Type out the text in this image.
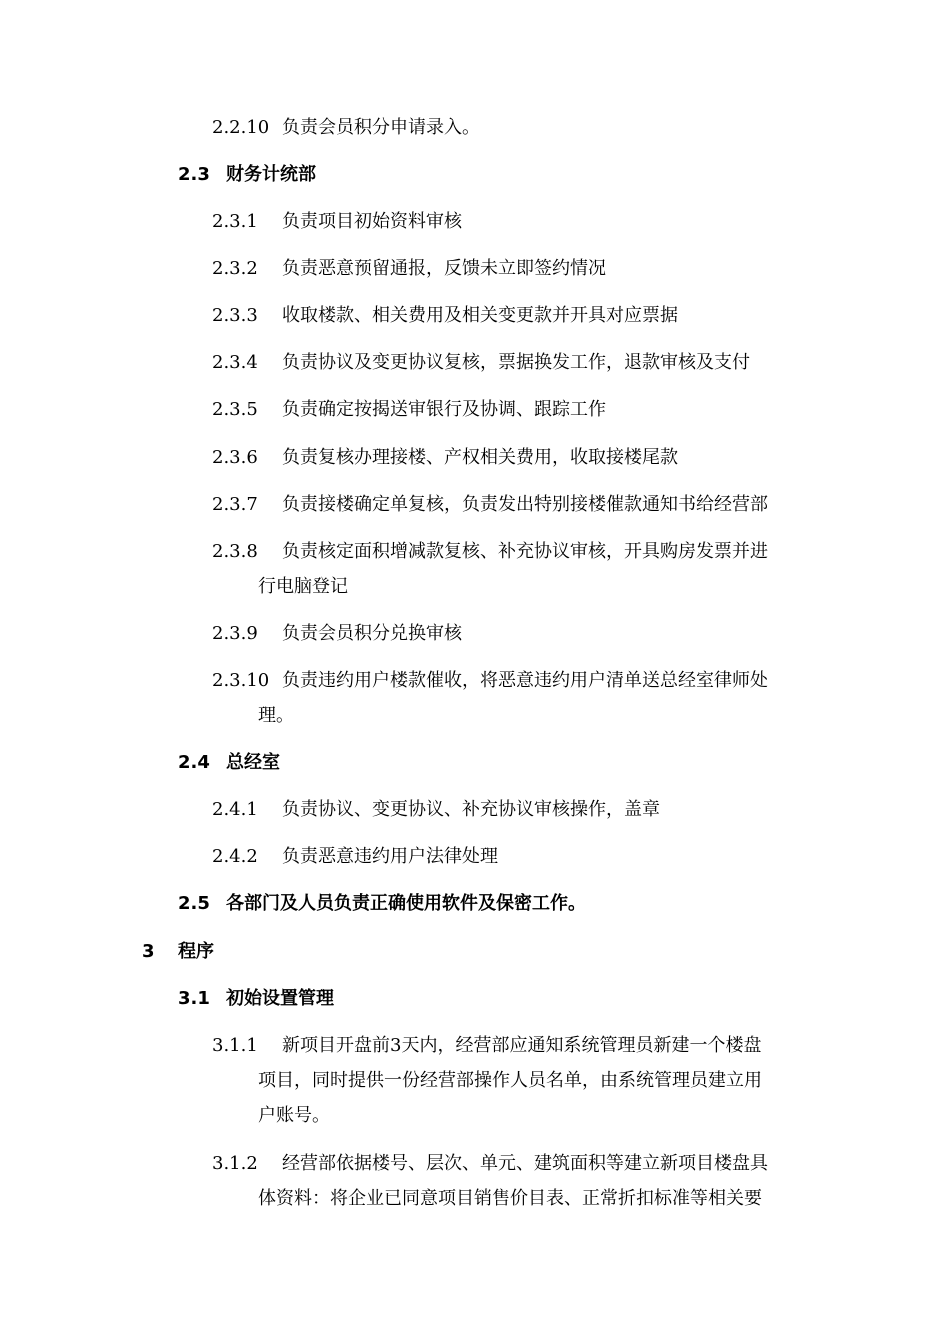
2.2.10 负责会员积分申请录入。
2.3 财务计统部
2.3.1 负责项目初始资料审核
2.3.2 负责恶意预留通报，反馈未立即签约情况
2.3.3 收取楼款、相关费用及相关变更款并开具对应票据
2.3.4 负责协议及变更协议复核，票据换发工作，退款审核及支付
2.3.5 负责确定按揭送审银行及协调、跟踪工作
2.3.6 负责复核办理接楼、产权相关费用，收取接楼尾款
2.3.7 负责接楼确定单复核，负责发出特别接楼催款通知书给经营部
2.3.8 负责核定面积增减款复核、补充协议审核，开具购房发票并进
行电脑登记
2.3.9 负责会员积分兑换审核
2.3.10 负责违约用户楼款催收，将恶意违约用户清单送总经室律师处
理。
2.4 总经室
2.4.1 负责协议、变更协议、补充协议审核操作，盖章
2.4.2 负责恶意违约用户法律处理
2.5 各部门及人员负责正确使用软件及保密工作。
3 程序
3.1 初始设置管理
3.1.1 新项目开盘前3天内，经营部应通知系统管理员新建一个楼盘
项目，同时提供一份经营部操作人员名单，由系统管理员建立用
户账号。
3.1.2 经营部依据楼号、层次、单元、建筑面积等建立新项目楼盘具
体资料：将企业已同意项目销售价目表、正常折扣标准等相关要
